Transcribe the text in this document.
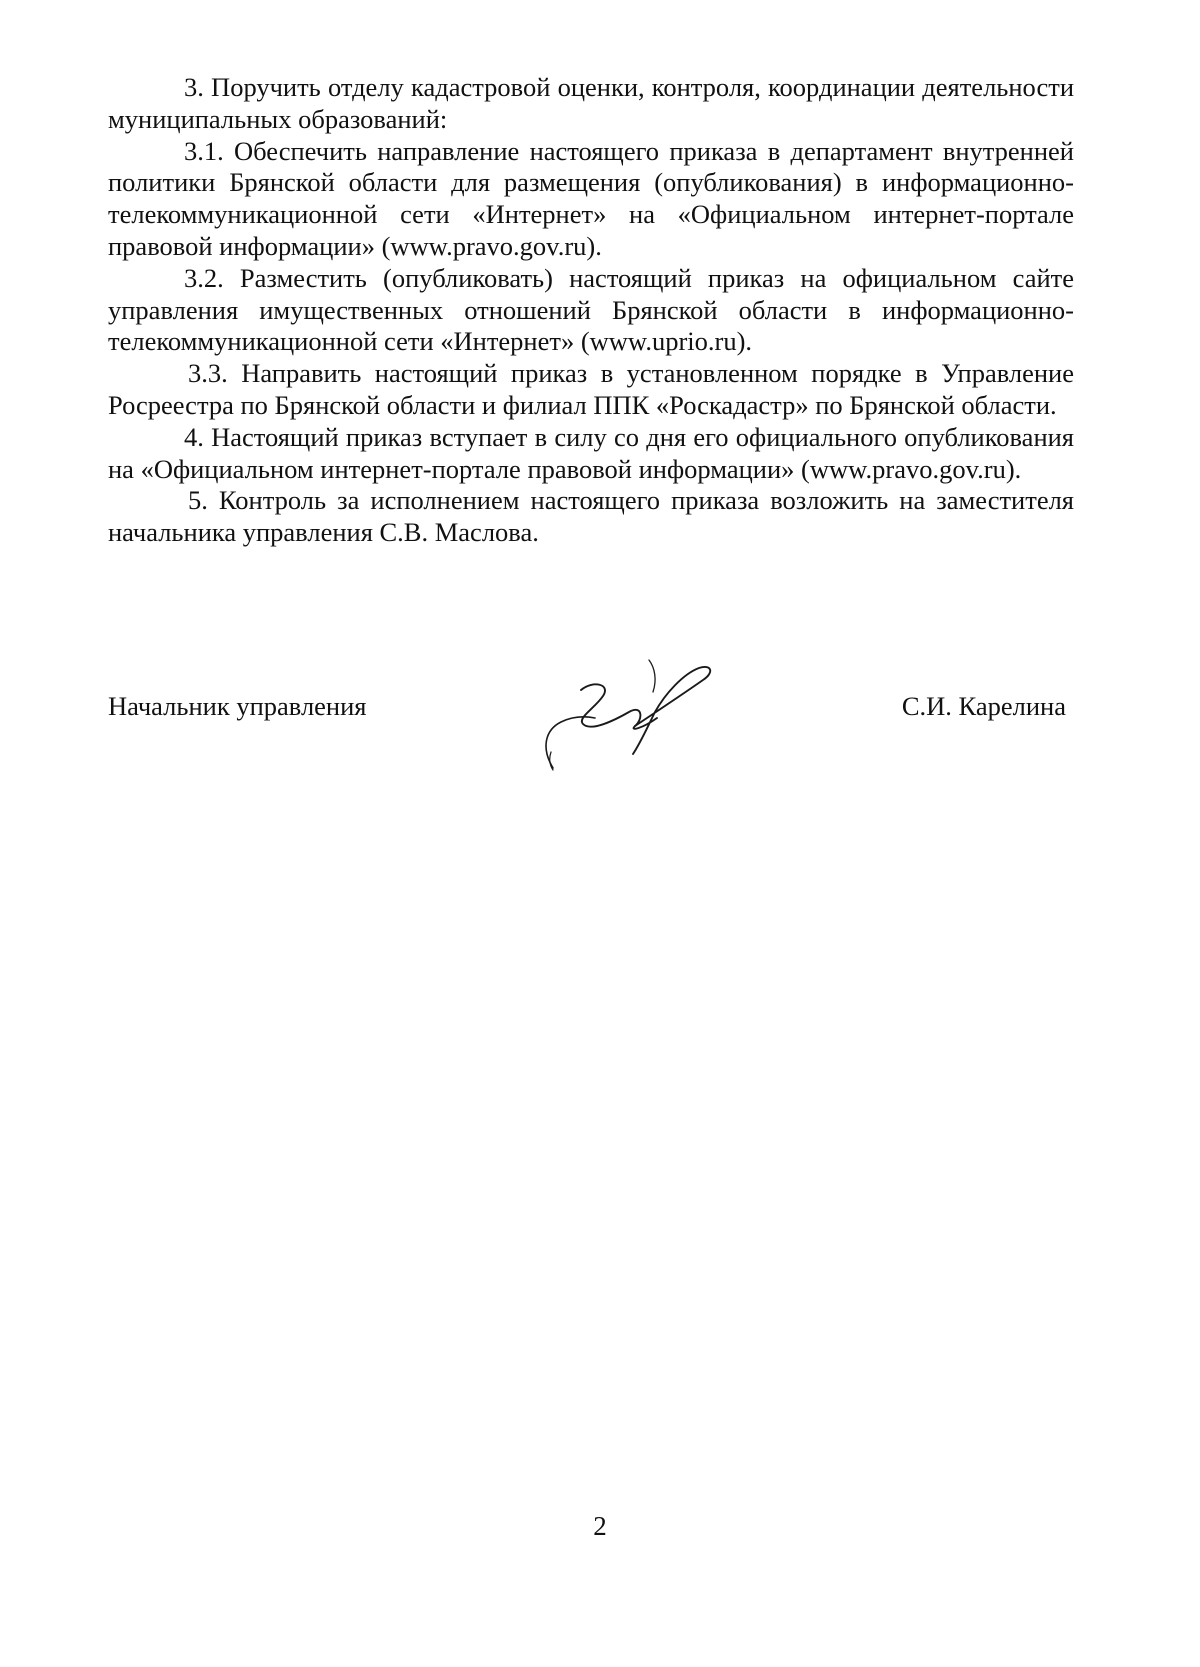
3. Поручить отделу кадастровой оценки, контроля, координации деятельности муниципальных образований:

3.1. Обеспечить направление настоящего приказа в департамент внутренней политики Брянской области для размещения (опубликования) в информационно-телекоммуникационной сети «Интернет» на «Официальном интернет-портале правовой информации» (www.pravo.gov.ru).

3.2. Разместить (опубликовать) настоящий приказ на официальном сайте управления имущественных отношений Брянской области в информационно-телекоммуникационной сети «Интернет» (www.uprio.ru).

3.3. Направить настоящий приказ в установленном порядке в Управление Росреестра по Брянской области и филиал ППК «Роскадастр» по Брянской области.

4. Настоящий приказ вступает в силу со дня его официального опубликования на «Официальном интернет-портале правовой информации» (www.pravo.gov.ru).

5. Контроль за исполнением настоящего приказа возложить на заместителя начальника управления С.В. Маслова.

Начальник управления	С.И. Карелина
2
